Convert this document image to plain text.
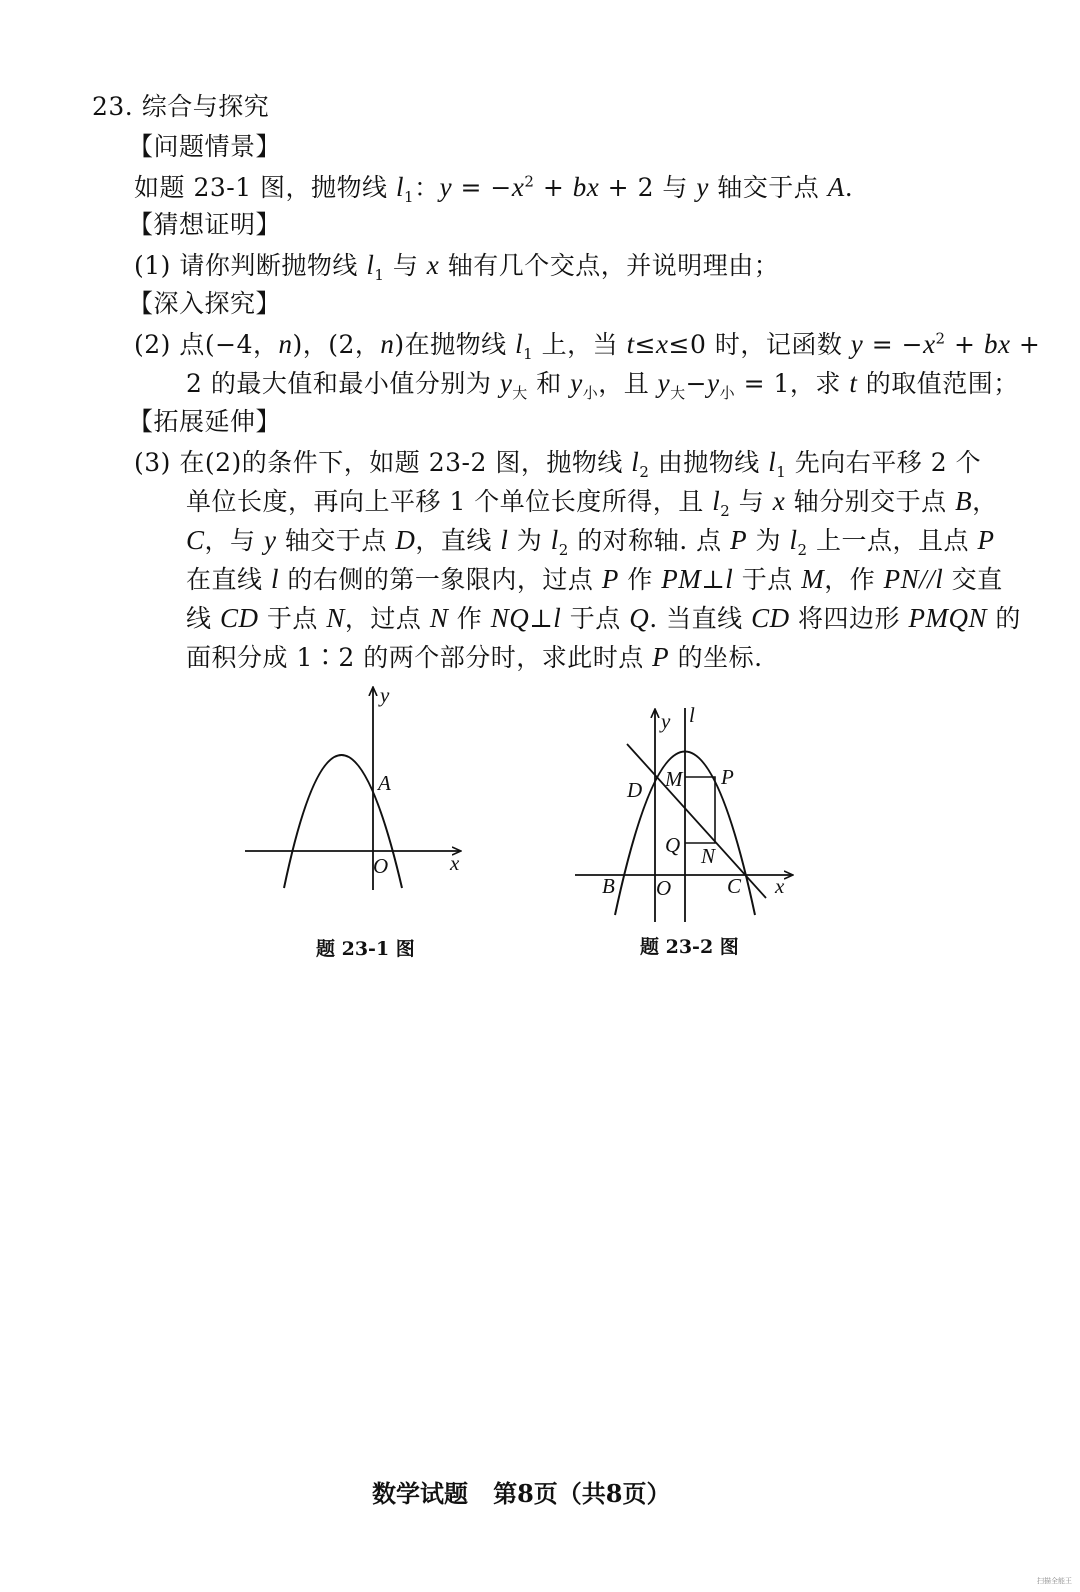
23. 综合与探究
【问题情景】
如题 23-1 图，抛物线 $l_1$：$y = -x^2$ + bx + 2 与 y 轴交于点 A.
【猜想证明】
(1) 请你判断抛物线 $l_1$ 与 x 轴有几个交点，并说明理由；
【深入探究】
(2) 点(−4，n)，(2，n)在抛物线 $l_1$ 上，当 t≤x≤0 时，记函数 $y = -x^2$ + bx +
2 的最大值和最小值分别为 $y_大$ 和 $y_小$，且 $y_大-y_小 = 1$，求 t 的取值范围；
【拓展延伸】
(3) 在(2)的条件下，如题 23-2 图，抛物线 $l_2$ 由抛物线 $l_1$ 先向右平移 2 个
单位长度，再向上平移 1 个单位长度所得，且 $l_2$ 与 x 轴分别交于点 B，
C，与 y 轴交于点 D，直线 l 为 $l_2$ 的对称轴. 点 P 为 $l_2$ 上一点，且点 P
在直线 l 的右侧的第一象限内，过点 P 作 PM⊥l 于点 M，作 PN//l 交直
线 CD 于点 N，过点 N 作 NQ⊥l 于点 Q. 当直线 CD 将四边形 PMQN 的
面积分成 1∶2 的两个部分时，求此时点 P 的坐标.
y
A
O	x
题 23-1 图
y l
D M P
Q N
B O	C x
题 23-2 图
数学试题 第8页（共8页）
扫描全能王
